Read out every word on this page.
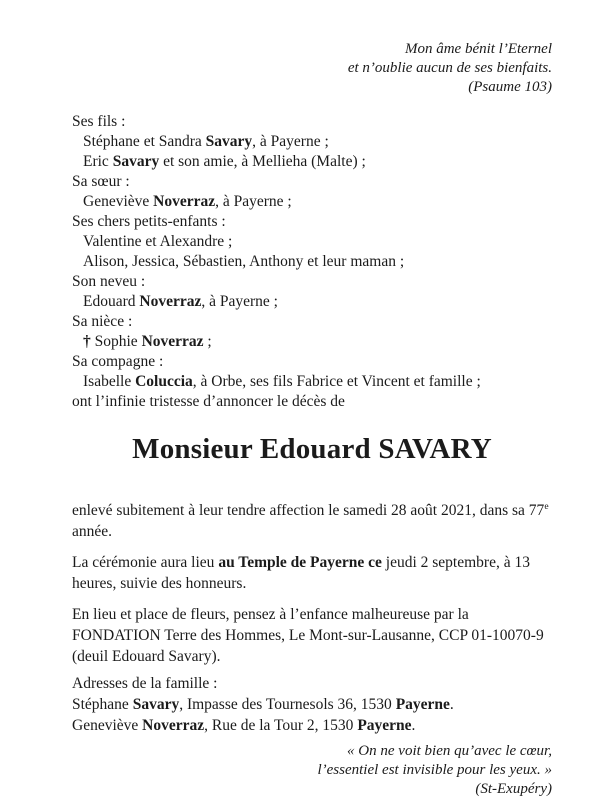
Mon âme bénit l’Eternel
et n’oublie aucun de ses bienfaits.
(Psaume 103)
Ses fils :
Stéphane et Sandra Savary, à Payerne ;
Eric Savary et son amie, à Mellieha (Malte) ;
Sa sœur :
Geneviève Noverraz, à Payerne ;
Ses chers petits-enfants :
Valentine et Alexandre ;
Alison, Jessica, Sébastien, Anthony et leur maman ;
Son neveu :
Edouard Noverraz, à Payerne ;
Sa nièce :
† Sophie Noverraz ;
Sa compagne :
Isabelle Coluccia, à Orbe, ses fils Fabrice et Vincent et famille ;
ont l’infinie tristesse d’annoncer le décès de
Monsieur Edouard SAVARY

enlevé subitement à leur tendre affection le samedi 28 août 2021, dans sa 77e année.

La cérémonie aura lieu au Temple de Payerne ce jeudi 2 septembre, à 13 heures, suivie des honneurs.

En lieu et place de fleurs, pensez à l’enfance malheureuse par la FONDATION Terre des Hommes, Le Mont-sur-Lausanne, CCP 01-10070-9 (deuil Edouard Savary).

Adresses de la famille :
Stéphane Savary, Impasse des Tournesols 36, 1530 Payerne.
Geneviève Noverraz, Rue de la Tour 2, 1530 Payerne.
« On ne voit bien qu’avec le cœur,
l’essentiel est invisible pour les yeux. »
(St-Exupéry)
